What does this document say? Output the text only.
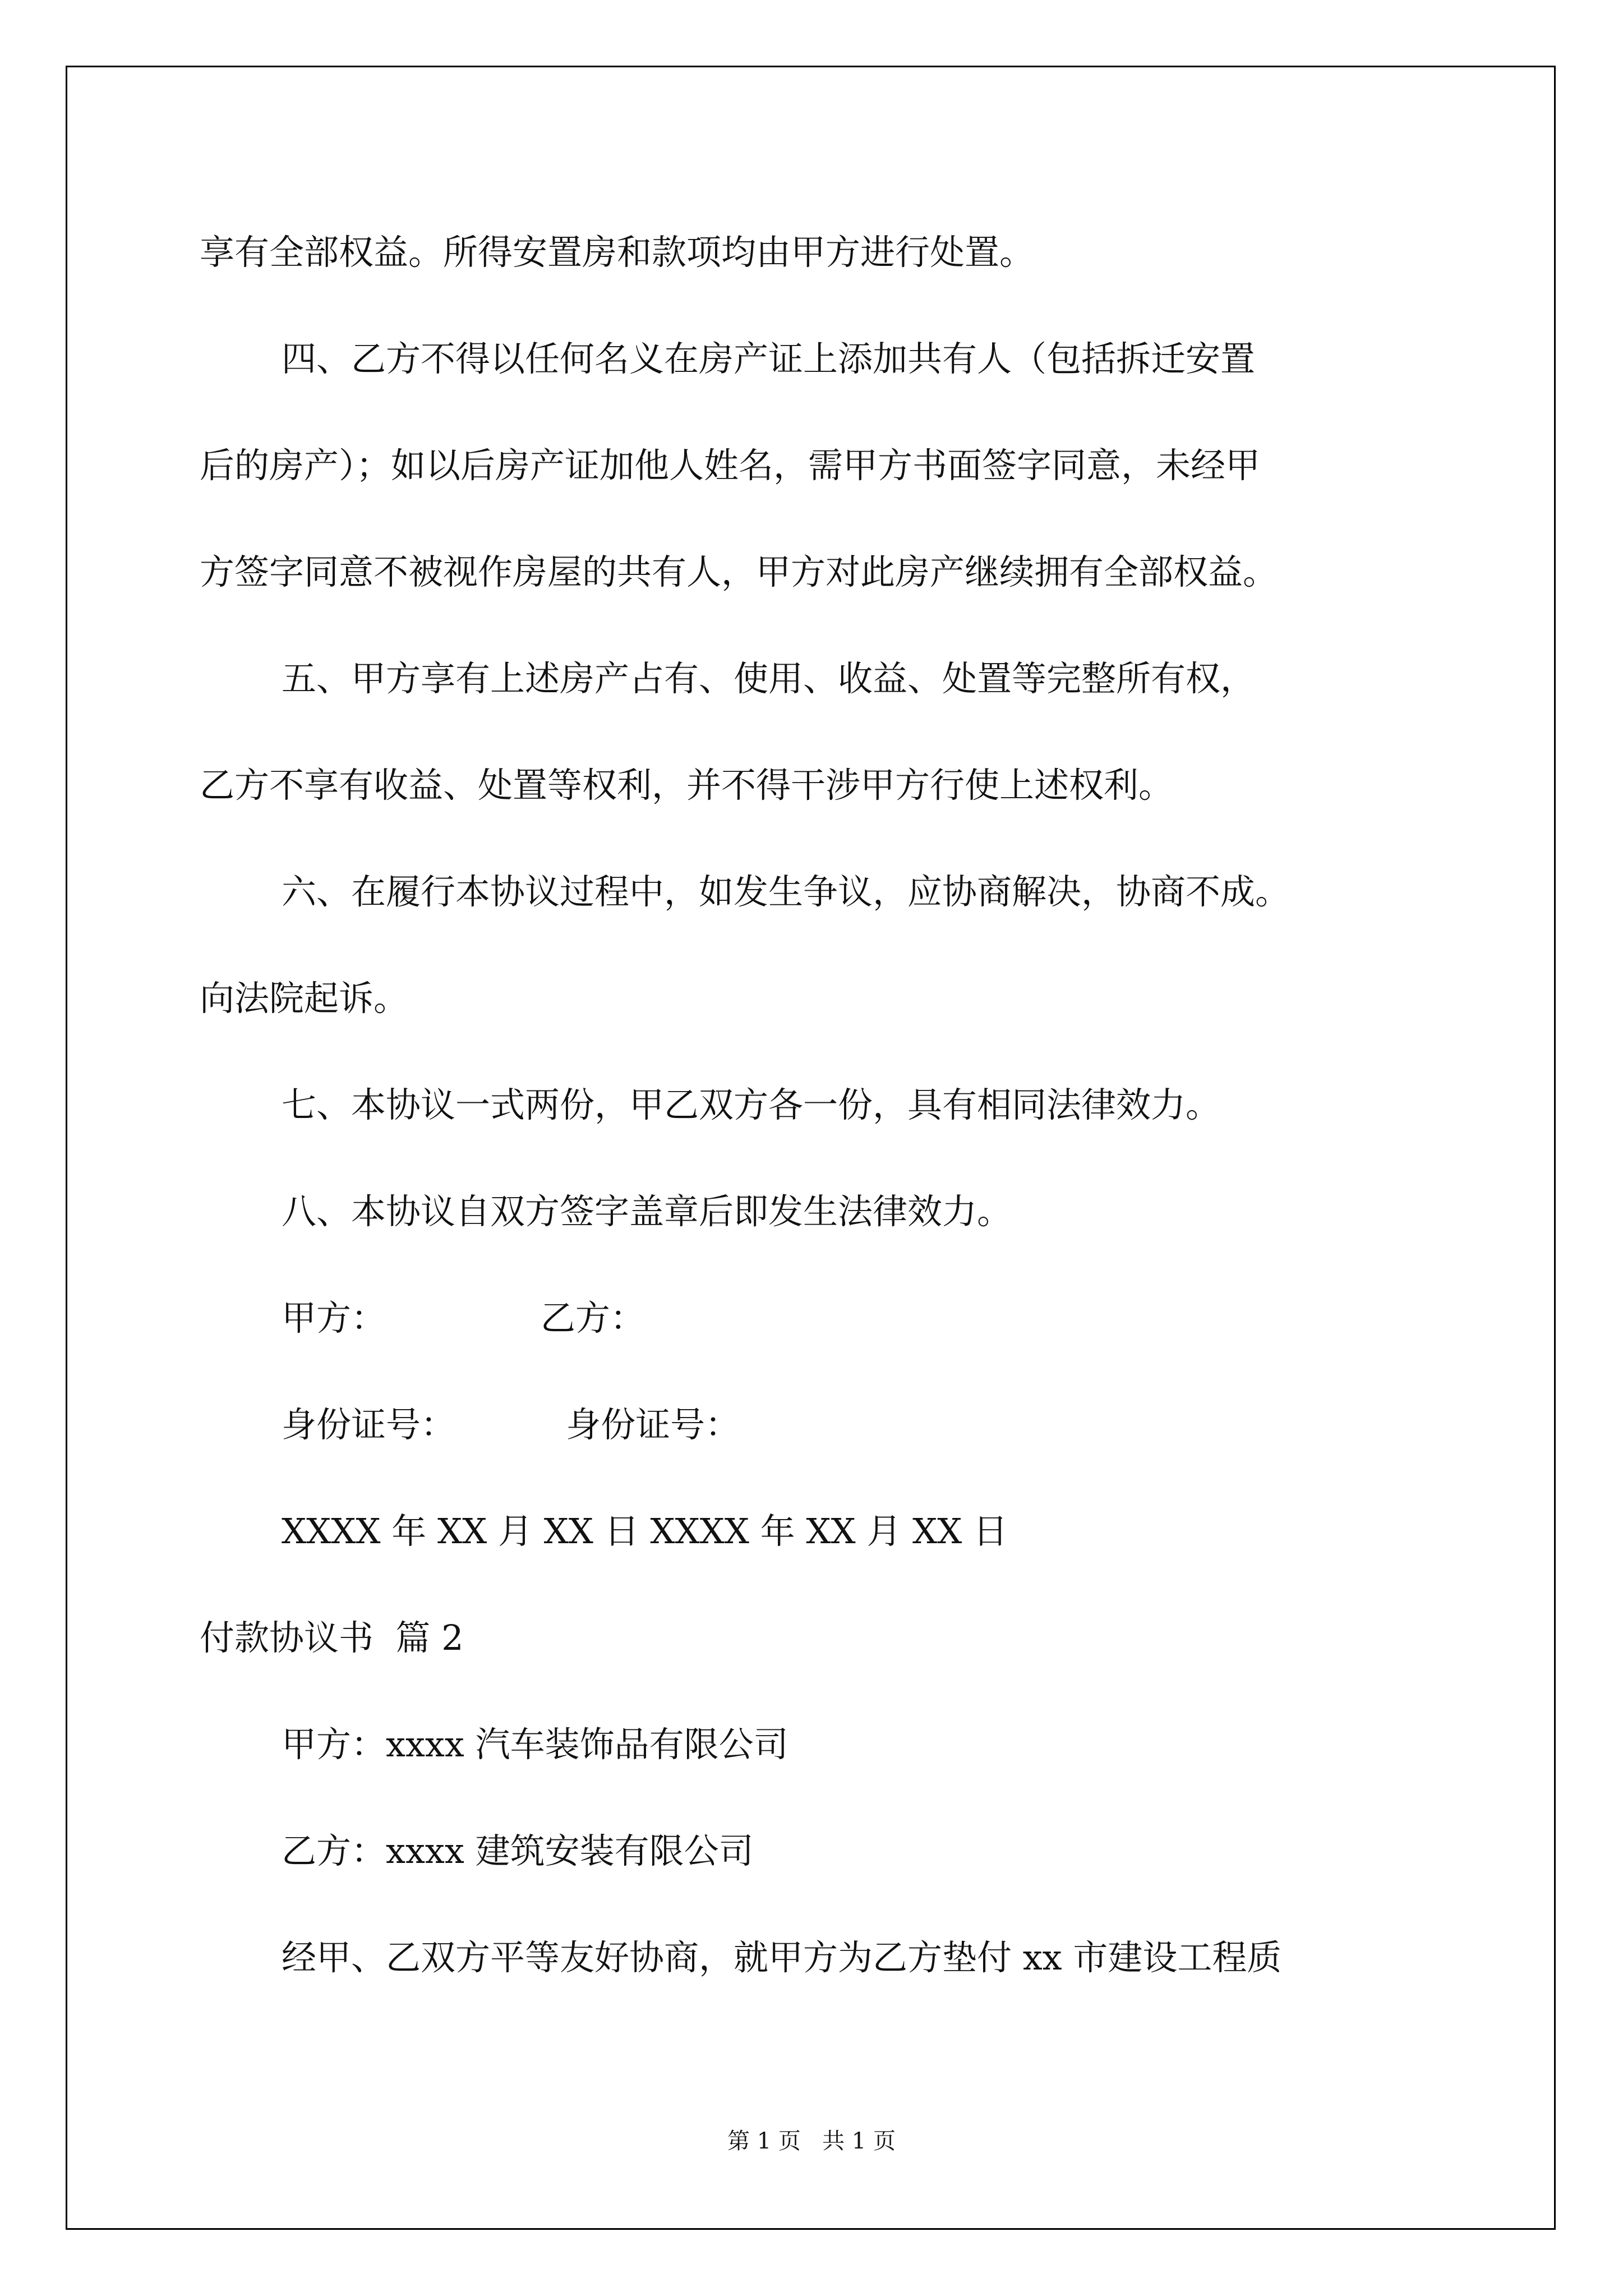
享有全部权益。所得安置房和款项均由甲方进行处置。
四、乙方不得以任何名义在房产证上添加共有人（包括拆迁安置
后的房产）；如以后房产证加他人姓名，需甲方书面签字同意，未经甲
方签字同意不被视作房屋的共有人，甲方对此房产继续拥有全部权益。
五、甲方享有上述房产占有、使用、收益、处置等完整所有权，
乙方不享有收益、处置等权利，并不得干涉甲方行使上述权利。
六、在履行本协议过程中，如发生争议，应协商解决，协商不成。
向法院起诉。
七、本协议一式两份，甲乙双方各一份，具有相同法律效力。
八、本协议自双方签字盖章后即发生法律效力。
甲方：              乙方：
身份证号：          身份证号：
XXXX 年 XX 月 XX 日 XXXX 年 XX 月 XX 日
付款协议书  篇 2
甲方：xxxx 汽车装饰品有限公司
乙方：xxxx 建筑安装有限公司
经甲、乙双方平等友好协商，就甲方为乙方垫付 xx 市建设工程质
第 1 页   共 1 页
